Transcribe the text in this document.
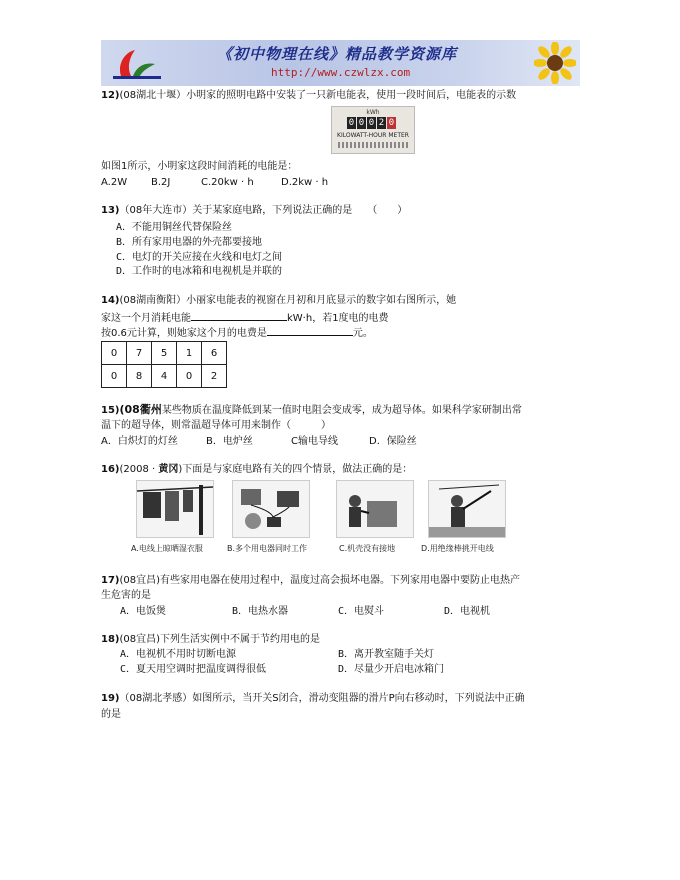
《初中物理在线》精品教学资源库
http://www.czwlzx.com
12)(08湖北十堰）小明家的照明电路中安装了一只新电能表，使用一段时间后，电能表的示数
kWh
0 0 0 2 0
KILOWATT-HOUR METER
如图1所示，小明家这段时间消耗的电能是：
A.2W B.2J	C.20kw · h	D.2kw · h
13)（08年大连市）关于某家庭电路，下列说法正确的是　　（　　）
A．不能用铜丝代替保险丝
B．所有家用电器的外壳都要接地
C．电灯的开关应接在火线和电灯之间
D．工作时的电冰箱和电视机是并联的
14)(08湖南衡阳）小丽家电能表的视窗在月初和月底显示的数字如右图所示，她
家这一个月消耗电能	kW·h，若1度电的电费
按0.6元计算，则她家这个月的电费是	元。
0	7	5	1	6
0	8	4	0	2
15)(08衢州某些物质在温度降低到某一值时电阻会变成零，成为超导体。如果科学家研制出常
温下的超导体，则常温超导体可用来制作（　　　）
A．白炽灯的灯丝	B．电炉丝	C输电导线	D．保险丝
16)(2008 · 黄冈)下面是与家庭电路有关的四个情景，做法正确的是：
A.电线上晾晒湿衣服	B.多个用电器同时工作	C.机壳没有接地	D.用绝缘棒挑开电线
17)(08宜昌)有些家用电器在使用过程中，温度过高会损坏电器。下列家用电器中要防止电热产
生危害的是
A．电饭煲	B．电热水器	C．电熨斗	D．电视机
18)(08宜昌)下列生活实例中不属于节约用电的是
A．电视机不用时切断电源	B．离开教室随手关灯
C．夏天用空调时把温度调得很低	D．尽量少开启电冰箱门
19)（08湖北孝感）如图所示，当开关S闭合，滑动变阻器的滑片P向右移动时，下列说法中正确
的是
